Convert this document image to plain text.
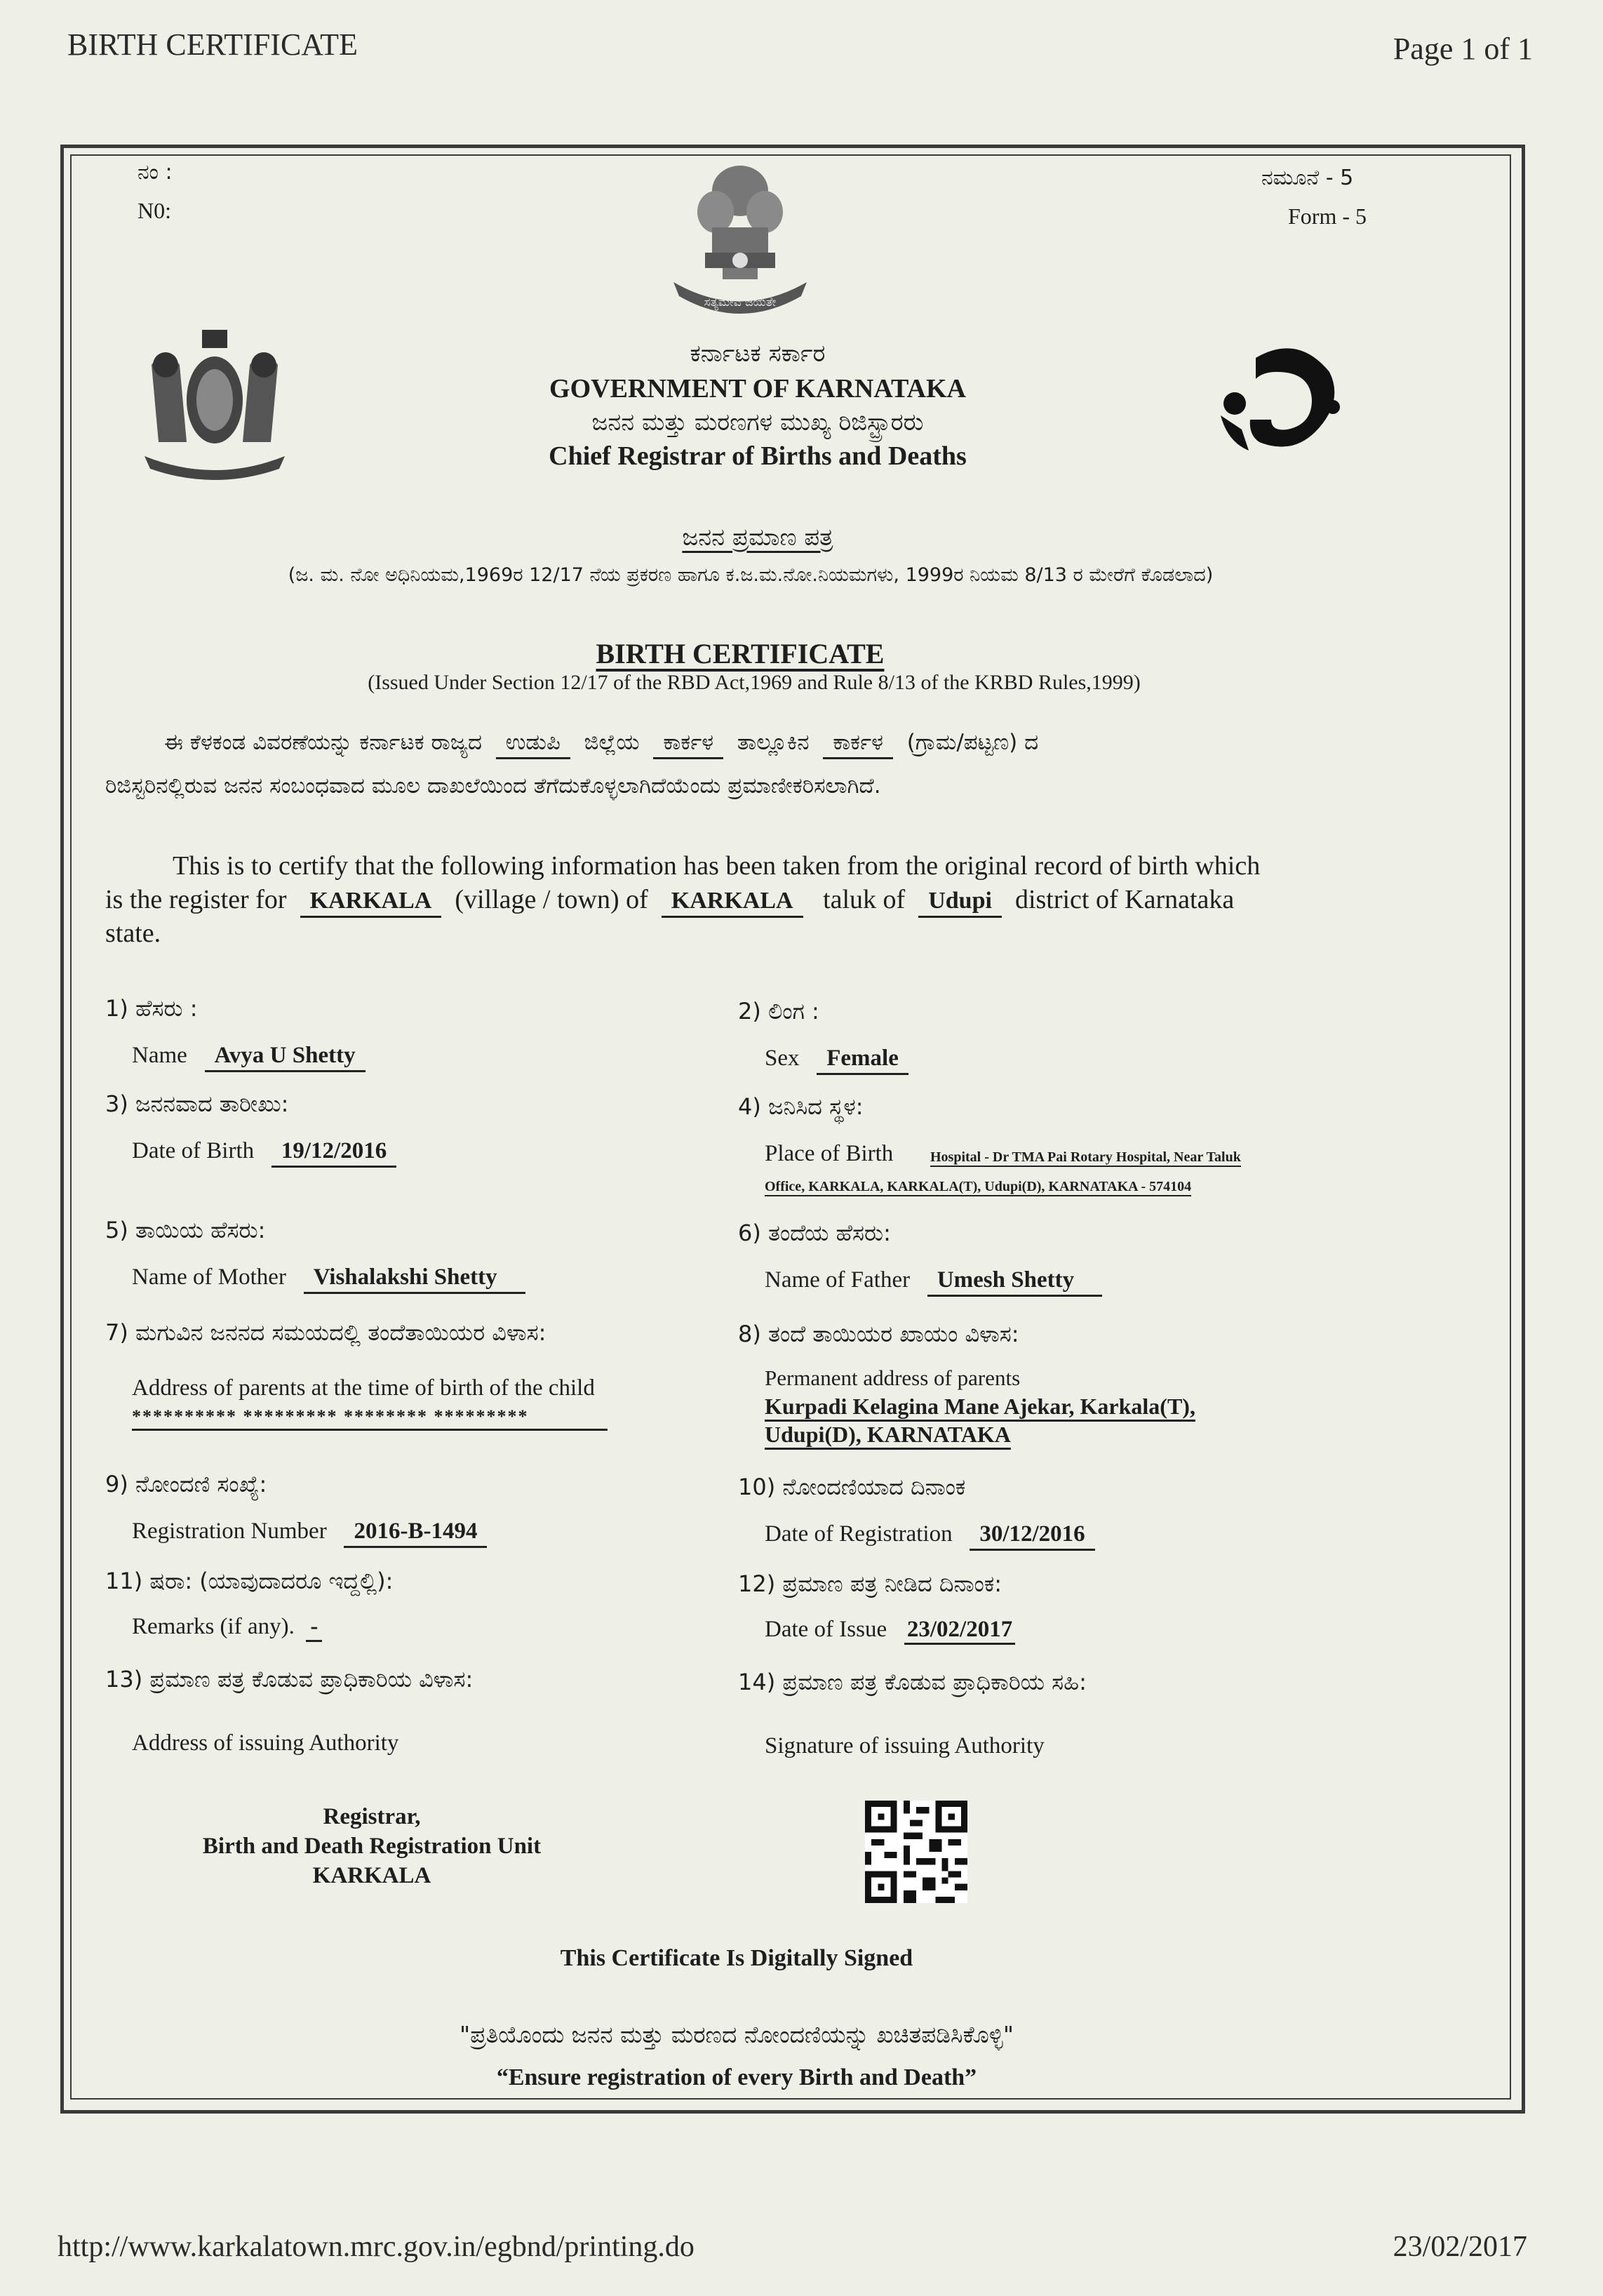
BIRTH CERTIFICATE	Page 1 of 1
ನಂ :
N0:
ನಮೂನೆ - 5
Form - 5
ಸತ್ಯಮೇವ ಜಯತೇ
ಕರ್ನಾಟಕ ಸರ್ಕಾರ
GOVERNMENT OF KARNATAKA
ಜನನ ಮತ್ತು ಮರಣಗಳ ಮುಖ್ಯ ರಿಜಿಸ್ಟ್ರಾರರು
Chief Registrar of Births and Deaths
ಜನನ ಪ್ರಮಾಣ ಪತ್ರ
(ಜ. ಮ. ನೋ ಅಧಿನಿಯಮ,1969ರ 12/17 ನೆಯ ಪ್ರಕರಣ ಹಾಗೂ ಕ.ಜ.ಮ.ನೋ.ನಿಯಮಗಳು, 1999ರ ನಿಯಮ 8/13 ರ ಮೇರೆಗೆ ಕೊಡಲಾದ)
BIRTH CERTIFICATE
(Issued Under Section 12/17 of the RBD Act,1969 and Rule 8/13 of the KRBD Rules,1999)
ಈ ಕೆಳಕಂಡ ವಿವರಣೆಯನ್ನು ಕರ್ನಾಟಕ ರಾಜ್ಯದ ಉಡುಪಿ ಜಿಲ್ಲೆಯ ಕಾರ್ಕಳ ತಾಲ್ಲೂಕಿನ ಕಾರ್ಕಳ (ಗ್ರಾಮ/ಪಟ್ಟಣ) ದ
ರಿಜಿಸ್ಟರಿನಲ್ಲಿರುವ ಜನನ ಸಂಬಂಧವಾದ ಮೂಲ ದಾಖಲೆಯಿಂದ ತೆಗೆದುಕೊಳ್ಳಲಾಗಿದೆಯೆಂದು ಪ್ರಮಾಣೀಕರಿಸಲಾಗಿದೆ.
This is to certify that the following information has been taken from the original record of birth which
is the register for KARKALA (village / town) of KARKALA taluk of Udupi district of Karnataka
state.
1) ಹೆಸರು :
Name Avya U Shetty
3) ಜನನವಾದ ತಾರೀಖು:
Date of Birth 19/12/2016
5) ತಾಯಿಯ ಹೆಸರು:
Name of Mother Vishalakshi Shetty
7) ಮಗುವಿನ ಜನನದ ಸಮಯದಲ್ಲಿ ತಂದೆತಾಯಿಯರ ವಿಳಾಸ:
Address of parents at the time of birth of the child
********** ********* ******** *********
9) ನೋಂದಣಿ ಸಂಖ್ಯೆ:
Registration Number 2016-B-1494
11) ಷರಾ: (ಯಾವುದಾದರೂ ಇದ್ದಲ್ಲಿ):
Remarks (if any). -
13) ಪ್ರಮಾಣ ಪತ್ರ ಕೊಡುವ ಪ್ರಾಧಿಕಾರಿಯ ವಿಳಾಸ:
Address of issuing Authority
2) ಲಿಂಗ :
Sex Female
4) ಜನಿಸಿದ ಸ್ಥಳ:
Place of Birth	Hospital - Dr TMA Pai Rotary Hospital, Near Taluk
Office, KARKALA, KARKALA(T), Udupi(D), KARNATAKA - 574104
6) ತಂದೆಯ ಹೆಸರು:
Name of Father Umesh Shetty
8) ತಂದೆ ತಾಯಿಯರ ಖಾಯಂ ವಿಳಾಸ:
Permanent address of parents
Kurpadi Kelagina Mane Ajekar, Karkala(T),
Udupi(D), KARNATAKA
10) ನೋಂದಣಿಯಾದ ದಿನಾಂಕ
Date of Registration 30/12/2016
12) ಪ್ರಮಾಣ ಪತ್ರ ನೀಡಿದ ದಿನಾಂಕ:
Date of Issue 23/02/2017
14) ಪ್ರಮಾಣ ಪತ್ರ ಕೊಡುವ ಪ್ರಾಧಿಕಾರಿಯ ಸಹಿ:
Signature of issuing Authority
Registrar,
Birth and Death Registration Unit
KARKALA
This Certificate Is Digitally Signed
"ಪ್ರತಿಯೊಂದು ಜನನ ಮತ್ತು ಮರಣದ ನೋಂದಣಿಯನ್ನು ಖಚಿತಪಡಿಸಿಕೊಳ್ಳಿ"
“Ensure registration of every Birth and Death”
http://www.karkalatown.mrc.gov.in/egbnd/printing.do	23/02/2017
